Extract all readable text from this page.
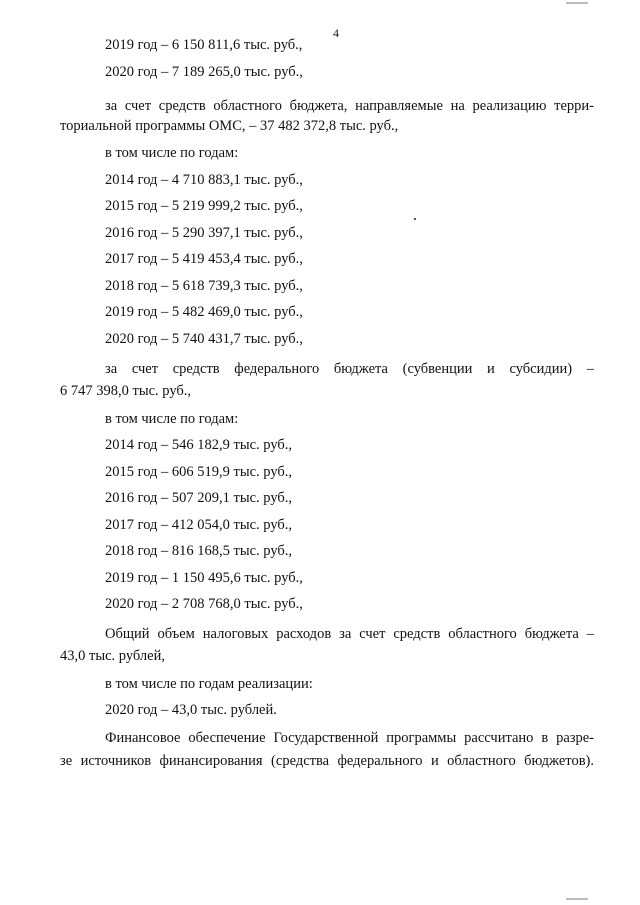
4
2019 год – 6 150 811,6 тыс. руб.,
2020 год – 7 189 265,0 тыс. руб.,
за счет средств областного бюджета, направляемые на реализацию терри-
ториальной программы ОМС, – 37 482 372,8 тыс. руб.,
в том числе по годам:
2014 год – 4 710 883,1 тыс. руб.,
2015 год – 5 219 999,2 тыс. руб.,
2016 год – 5 290 397,1 тыс. руб.,
2017 год – 5 419 453,4 тыс. руб.,
2018 год – 5 618 739,3 тыс. руб.,
2019 год – 5 482 469,0 тыс. руб.,
2020 год – 5 740 431,7 тыс. руб.,
за счет средств федерального бюджета (субвенции и субсидии) –
6 747 398,0 тыс. руб.,
в том числе по годам:
2014 год – 546 182,9 тыс. руб.,
2015 год – 606 519,9 тыс. руб.,
2016 год – 507 209,1 тыс. руб.,
2017 год – 412 054,0 тыс. руб.,
2018 год – 816 168,5 тыс. руб.,
2019 год – 1 150 495,6 тыс. руб.,
2020 год – 2 708 768,0 тыс. руб.,
Общий объем налоговых расходов за счет средств областного бюджета –
43,0 тыс. рублей,
в том числе по годам реализации:
2020 год – 43,0 тыс. рублей.
Финансовое обеспечение Государственной программы рассчитано в разре-
зе источников финансирования (средства федерального и областного бюджетов).
